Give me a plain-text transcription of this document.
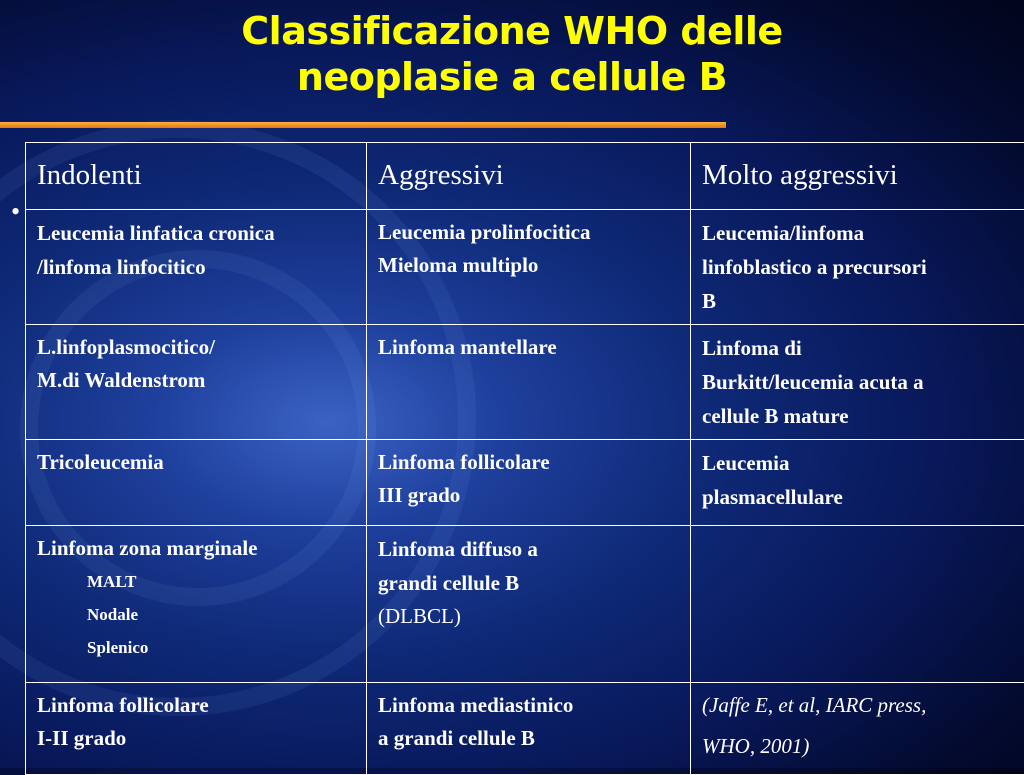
Classificazione WHO delle
neoplasie a cellule B
•
Indolenti	Aggressivi	Molto aggressivi

Leucemia linfatica cronica
/linfoma linfocitico	Leucemia prolinfocitica
Mieloma multiplo	Leucemia/linfoma
linfoblastico a precursori
B

L.linfoplasmocitico/
M.di Waldenstrom	Linfoma mantellare	Linfoma di
Burkitt/leucemia acuta a
cellule B mature

Tricoleucemia	Linfoma follicolare
III grado	Leucemia
plasmacellulare

Linfoma zona marginale
MALT
Nodale
Splenico	Linfoma diffuso a
grandi cellule B
(DLBCL)	

Linfoma follicolare
I-II grado	Linfoma mediastinico
a grandi cellule B	(Jaffe E, et al, IARC press,
WHO, 2001)
